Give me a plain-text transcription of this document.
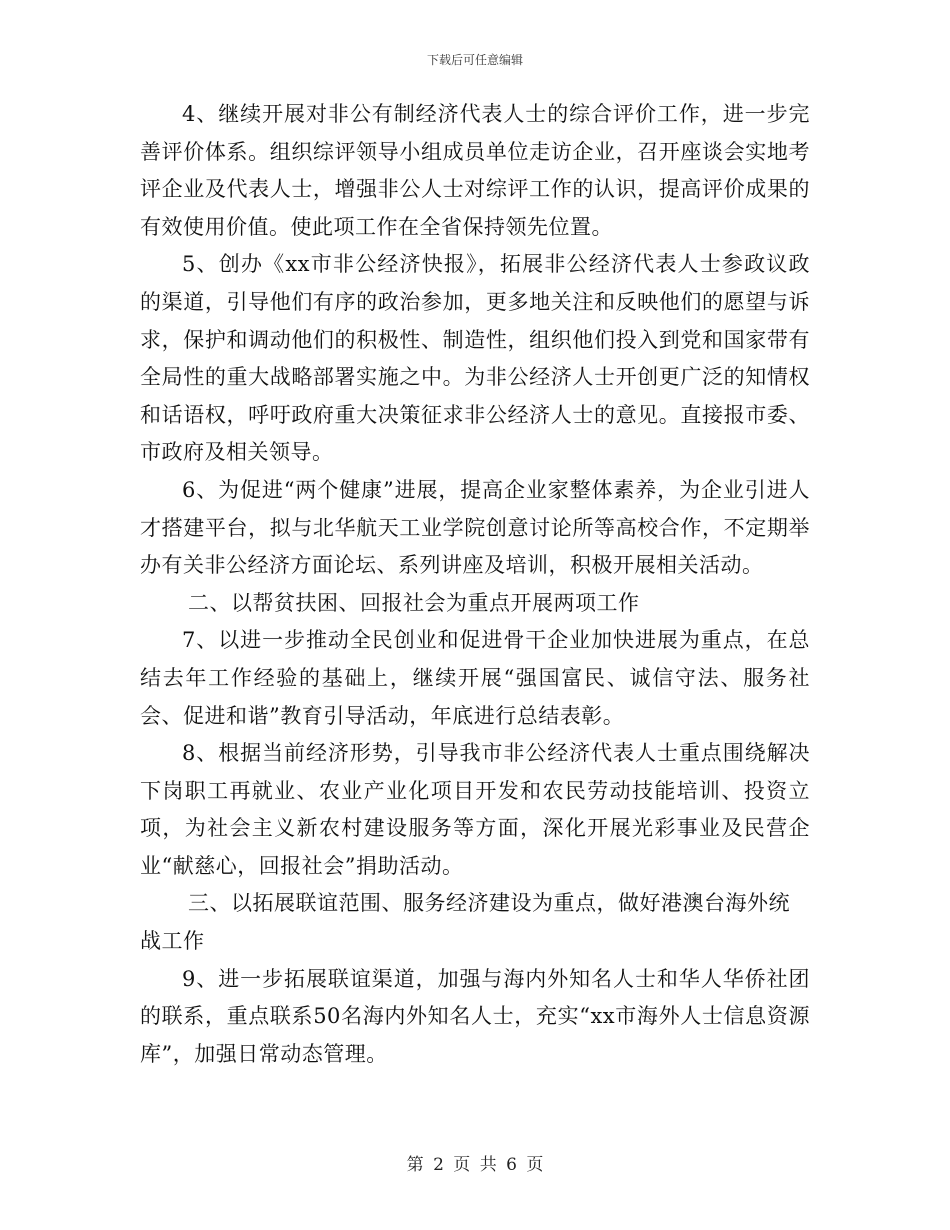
下载后可任意编辑

4、继续开展对非公有制经济代表人士的综合评价工作，进一步完善评价体系。组织综评领导小组成员单位走访企业，召开座谈会实地考评企业及代表人士，增强非公人士对综评工作的认识，提高评价成果的有效使用价值。使此项工作在全省保持领先位置。

5、创办《xx市非公经济快报》，拓展非公经济代表人士参政议政的渠道，引导他们有序的政治参加，更多地关注和反映他们的愿望与诉求，保护和调动他们的积极性、制造性，组织他们投入到党和国家带有全局性的重大战略部署实施之中。为非公经济人士开创更广泛的知情权和话语权，呼吁政府重大决策征求非公经济人士的意见。直接报市委、市政府及相关领导。

6、为促进“两个健康”进展，提高企业家整体素养，为企业引进人才搭建平台，拟与北华航天工业学院创意讨论所等高校合作，不定期举办有关非公经济方面论坛、系列讲座及培训，积极开展相关活动。

二、以帮贫扶困、回报社会为重点开展两项工作

7、以进一步推动全民创业和促进骨干企业加快进展为重点，在总结去年工作经验的基础上，继续开展“强国富民、诚信守法、服务社会、促进和谐”教育引导活动，年底进行总结表彰。

8、根据当前经济形势，引导我市非公经济代表人士重点围绕解决下岗职工再就业、农业产业化项目开发和农民劳动技能培训、投资立项，为社会主义新农村建设服务等方面，深化开展光彩事业及民营企业“献慈心，回报社会”捐助活动。

三、以拓展联谊范围、服务经济建设为重点，做好港澳台海外统战工作

9、进一步拓展联谊渠道，加强与海内外知名人士和华人华侨社团的联系，重点联系50名海内外知名人士，充实“xx市海外人士信息资源库”，加强日常动态管理。

第 2 页 共 6 页
